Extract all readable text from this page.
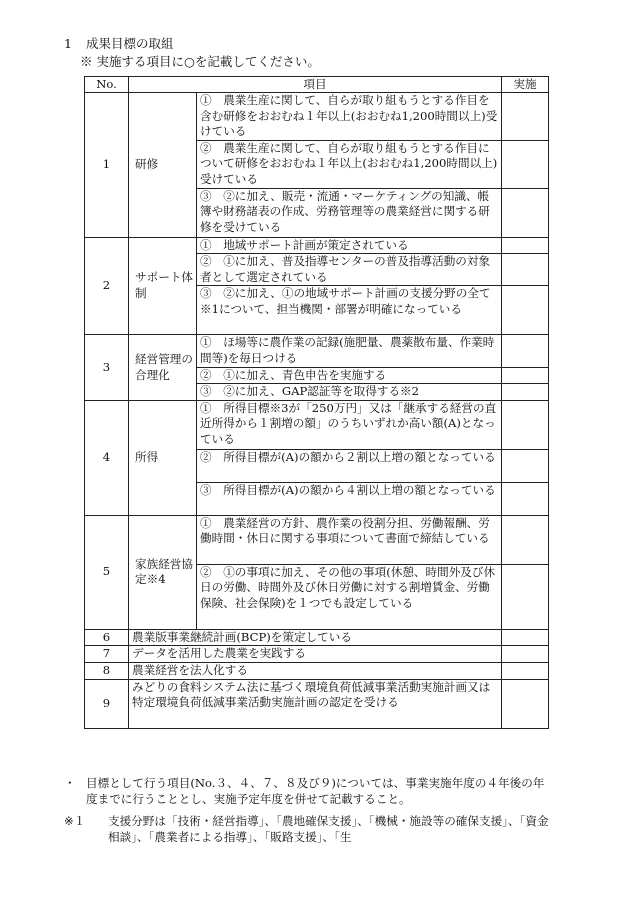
1 成果目標の取組
※ 実施する項目に○を記載してください。
No.	項目		実施
1	研修	①　農業生産に関して、自らが取り組もうとする作目を含む研修をおおむね１年以上(おおむね1,200時間以上)受けている	
		②　農業生産に関して、自らが取り組もうとする作目について研修をおおむね１年以上(おおむね1,200時間以上)受けている	
		③　②に加え、販売・流通・マーケティングの知識、帳簿や財務諸表の作成、労務管理等の農業経営に関する研修を受けている	
2	サポート体制	①　地域サポート計画が策定されている	
		②　①に加え、普及指導センターの普及指導活動の対象者として選定されている	
		③　②に加え、①の地域サポート計画の支援分野の全て※1について、担当機関・部署が明確になっている	
3	経営管理の合理化	①　ほ場等に農作業の記録(施肥量、農薬散布量、作業時間等)を毎日つける	
		②　①に加え、青色申告を実施する	
		③　②に加え、GAP認証等を取得する※2	
4	所得	①　所得目標※3が「250万円」又は「継承する経営の直近所得から１割増の額」のうちいずれか高い額(A)となっている	
		②　所得目標が(A)の額から２割以上増の額となっている	
		③　所得目標が(A)の額から４割以上増の額となっている	
5	家族経営協定※4	①　農業経営の方針、農作業の役割分担、労働報酬、労働時間・休日に関する事項について書面で締結している	
		②　①の事項に加え、その他の事項(休憩、時間外及び休日の労働、時間外及び休日労働に対する割増賃金、労働保険、社会保険)を１つでも設定している	
6	農業版事業継続計画(BCP)を策定している		
7	データを活用した農業を実践する		
8	農業経営を法人化する		
9	みどりの食料システム法に基づく環境負荷低減事業活動実施計画又は特定環境負荷低減事業活動実施計画の認定を受ける		

・ 目標として行う項目(No.３、４、７、８及び９)については、事業実施年度の４年後の年度までに行うこととし、実施予定年度を併せて記載すること。

※１ 支援分野は「技術・経営指導」、「農地確保支援」、「機械・施設等の確保支援」、「資金相談」、「農業者による指導」、「販路支援」、「生
